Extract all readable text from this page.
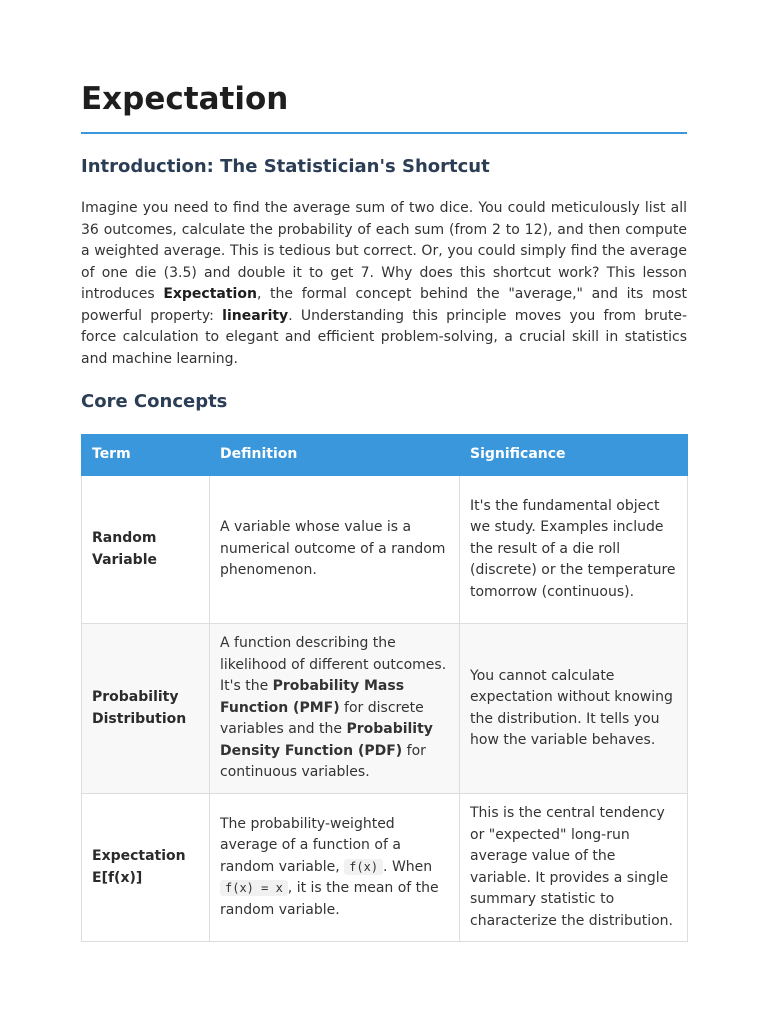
Expectation
Introduction: The Statistician's Shortcut

Imagine you need to find the average sum of two dice. You could meticulously list all 36 outcomes, calculate the probability of each sum (from 2 to 12), and then compute a weighted average. This is tedious but correct. Or, you could simply find the average of one die (3.5) and double it to get 7. Why does this shortcut work? This lesson introduces Expectation, the formal concept behind the "average," and its most powerful property: linearity. Understanding this principle moves you from brute-force calculation to elegant and efficient problem-solving, a crucial skill in statistics and machine learning.

Core Concepts
Term	Definition	Significance
Random Variable	A variable whose value is a numerical outcome of a random phenomenon.	It's the fundamental object we study. Examples include the result of a die roll (discrete) or the temperature tomorrow (continuous).
Probability Distribution	A function describing the likelihood of different outcomes. It's the Probability Mass Function (PMF) for discrete variables and the Probability Density Function (PDF) for continuous variables.	You cannot calculate expectation without knowing the distribution. It tells you how the variable behaves.
Expectation E[f(x)]	The probability-weighted average of a function of a random variable, f(x) . When f(x) = x , it is the mean of the random variable.	This is the central tendency or "expected" long-run average value of the variable. It provides a single summary statistic to characterize the distribution.
